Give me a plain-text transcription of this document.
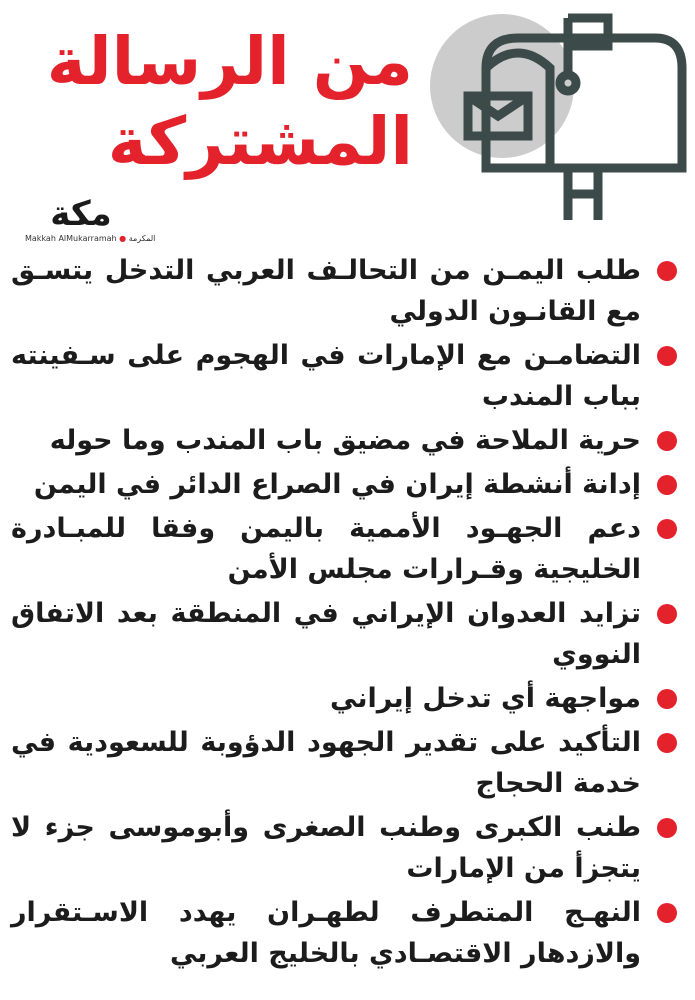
من الرسالة
المشتركة
مكة
Makkah AlMukarramah ● المكرمة
طلب اليمـن من التحالـف العربي التدخل يتسـق مع القانـون الدولي
التضامـن مع الإمارات في الهجوم على سـفينته بباب المندب
حرية الملاحة في مضيق باب المندب وما حوله
إدانة أنشطة إيران في الصراع الدائر في اليمن
دعم الجهـود الأممية باليمن وفقا للمبـادرة الخليجية وقـرارات مجلس الأمن
تزايد العدوان الإيراني في المنطقة بعد الاتفاق النووي
مواجهة أي تدخل إيراني
التأكيد على تقدير الجهود الدؤوبة للسعودية في خدمة الحجاج
طنب الكبرى وطنب الصغرى وأبوموسى جزء لا يتجزأ من الإمارات
النهـج المتطرف لطهـران يهدد الاسـتقرار والازدهار الاقتصـادي بالخليج العربي
